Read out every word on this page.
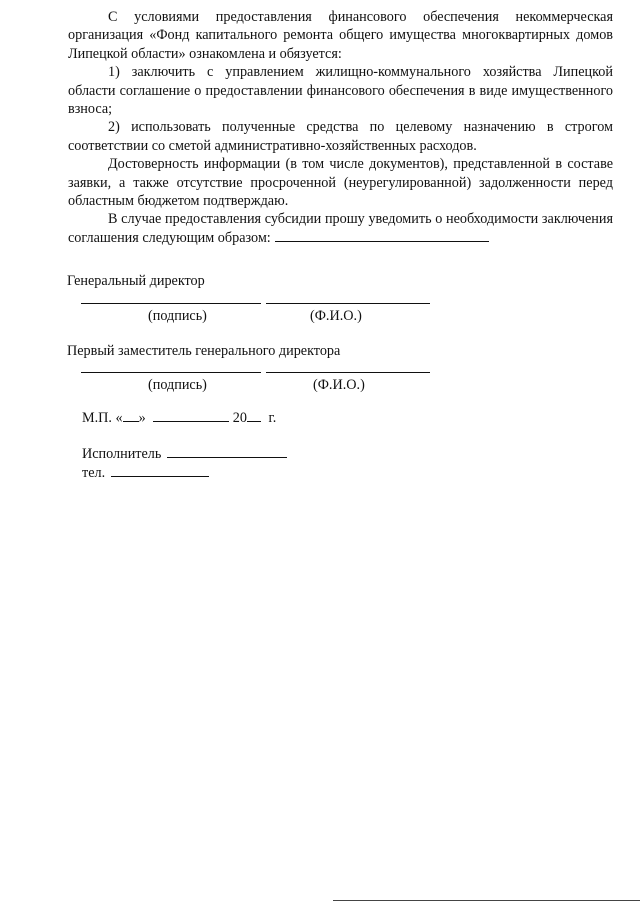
С условиями предоставления финансового обеспечения некоммерческая организация «Фонд капитального ремонта общего имущества многоквартирных домов Липецкой области» ознакомлена и обязуется:

1) заключить с управлением жилищно-коммунального хозяйства Липецкой области соглашение о предоставлении финансового обеспечения в виде имущественного взноса;

2) использовать полученные средства по целевому назначению в строгом соответствии со сметой административно-хозяйственных расходов.

Достоверность информации (в том числе документов), представленной в составе заявки, а также отсутствие просроченной (неурегулированной) задолженности перед областным бюджетом подтверждаю.

В случае предоставления субсидии прошу уведомить о необходимости заключения соглашения следующим образом:

Генеральный директор
(подпись)	(Ф.И.О.)
Первый заместитель генерального директора
(подпись)	(Ф.И.О.)
М.П. « »	20 г.
Исполнитель
тел.
